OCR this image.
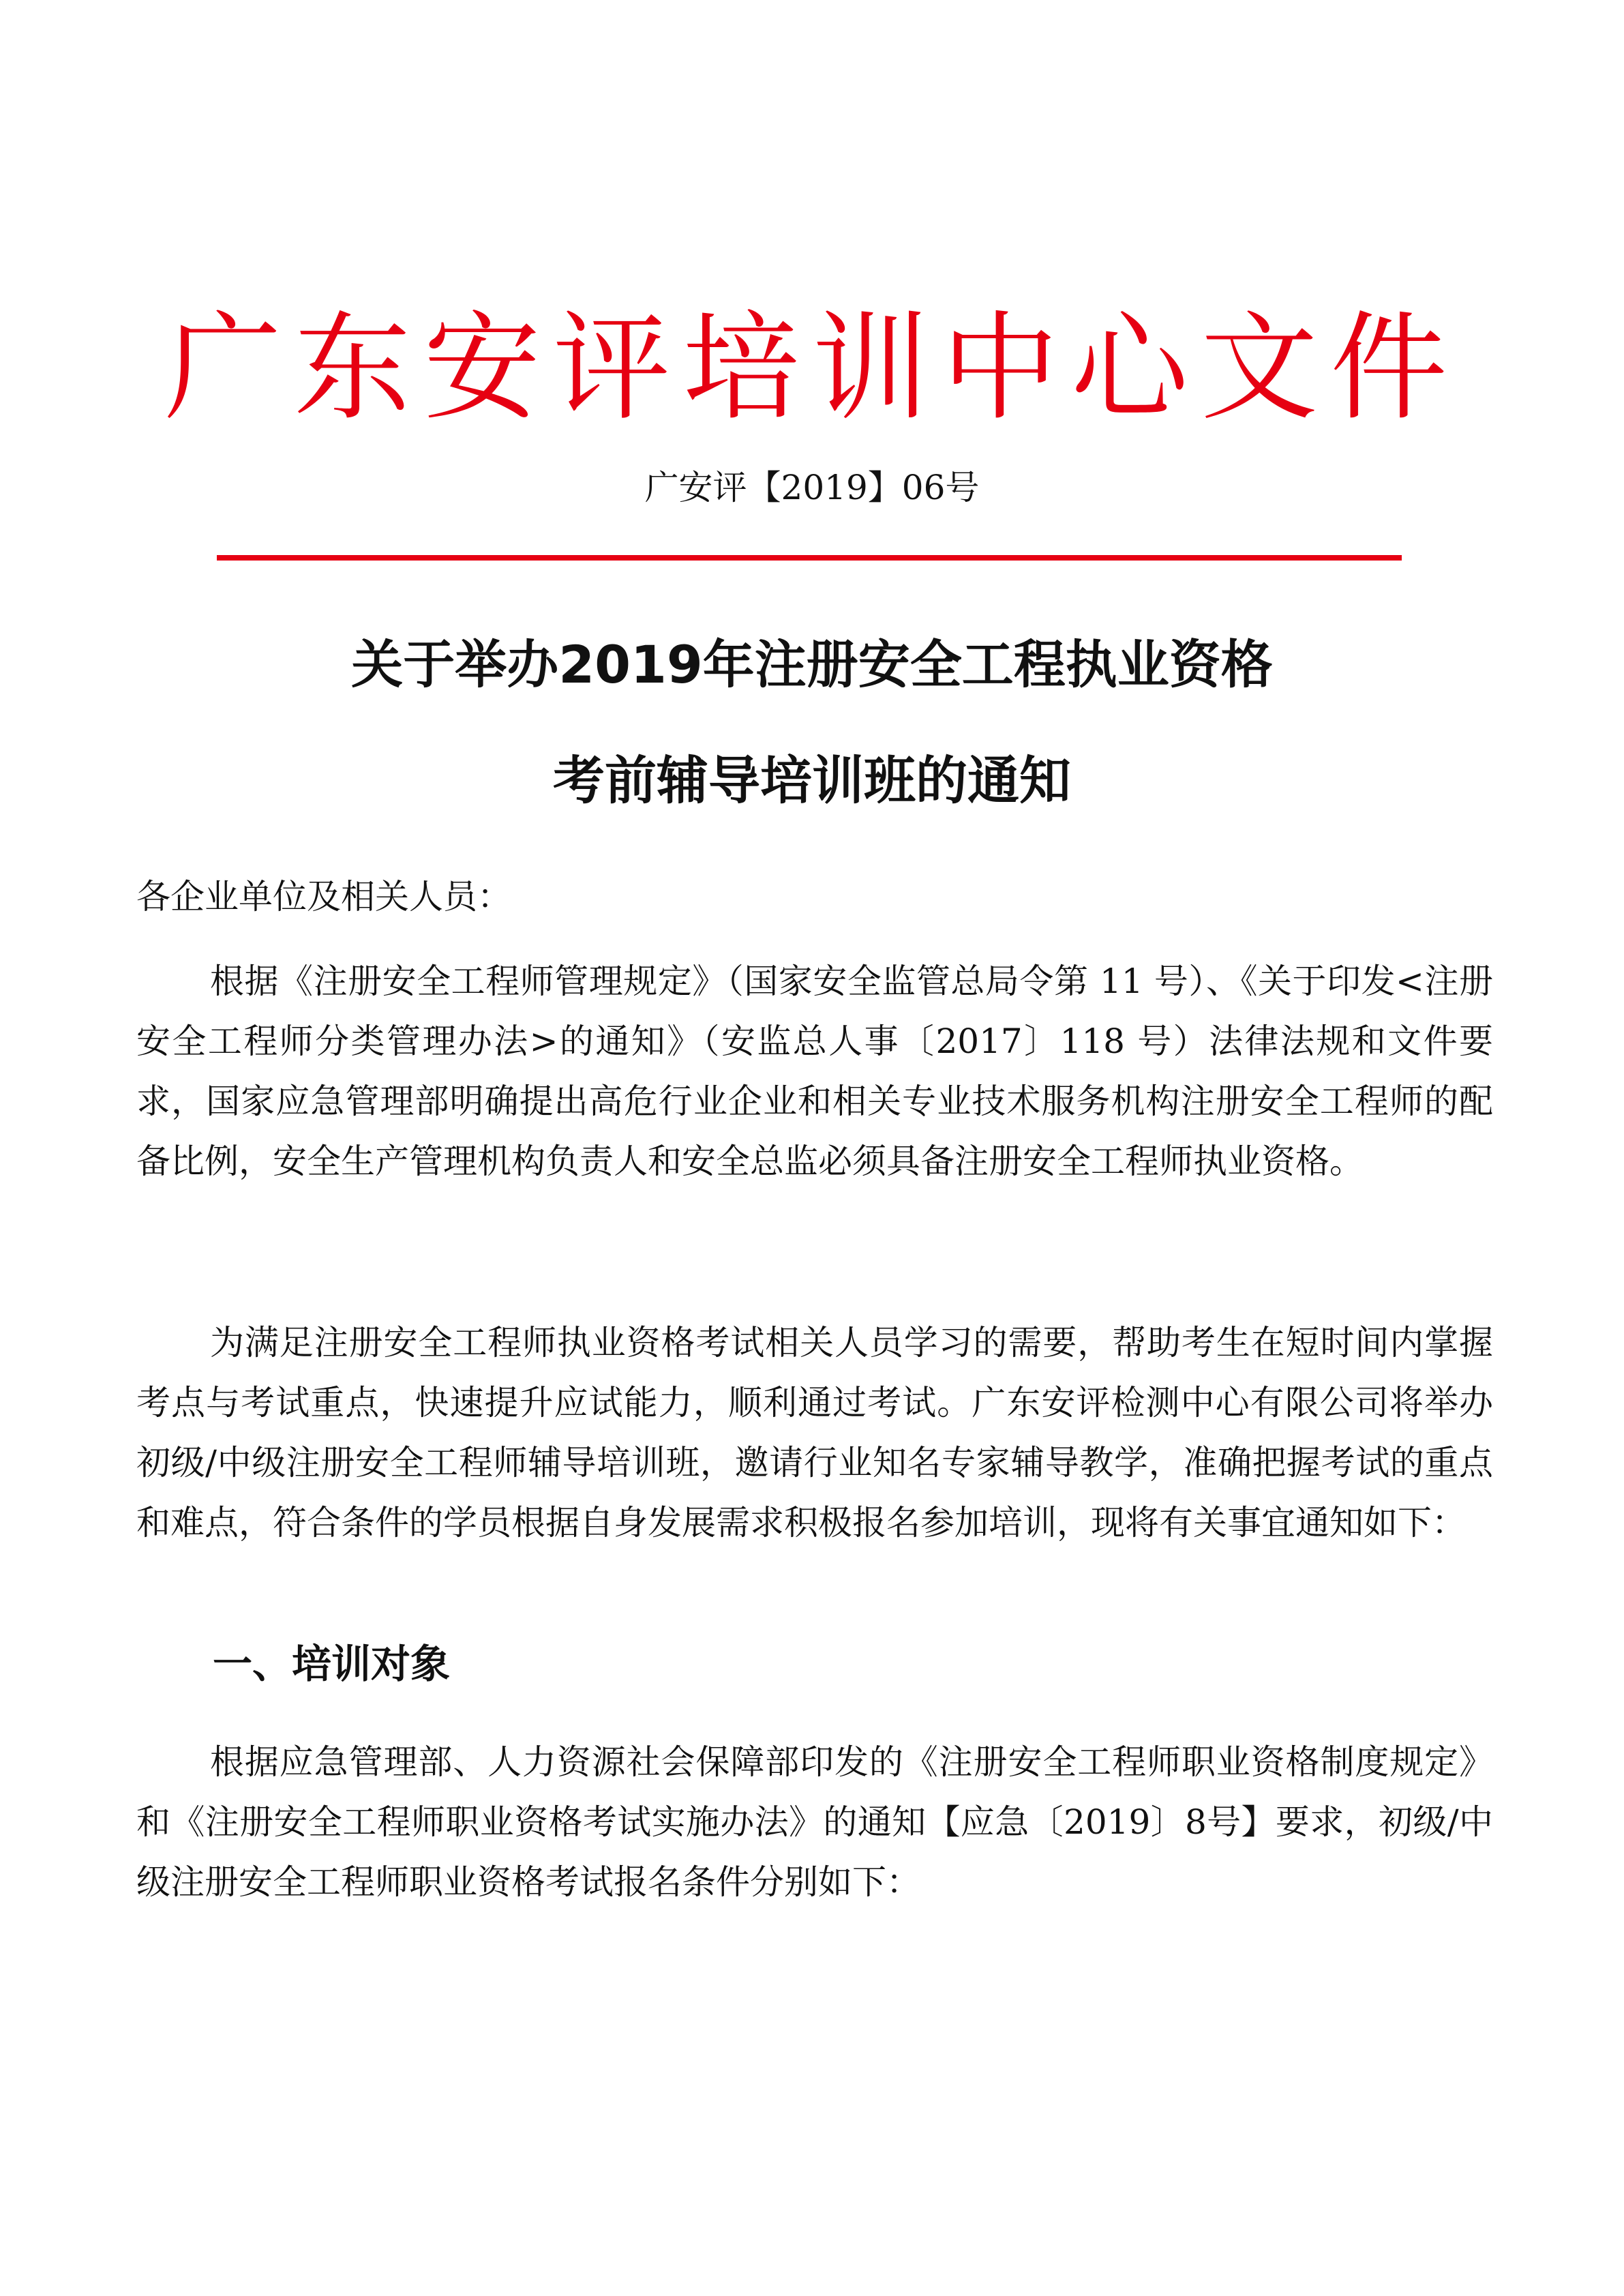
广东安评培训中心文件
广安评【2019】06号
关于举办2019年注册安全工程执业资格
考前辅导培训班的通知
各企业单位及相关人员：
根据《注册安全工程师管理规定》（国家安全监管总局令第 11 号）、《关于印发<注册安全工程师分类管理办法>的通知》（安监总人事〔2017〕118 号）法律法规和文件要求，国家应急管理部明确提出高危行业企业和相关专业技术服务机构注册安全工程师的配备比例，安全生产管理机构负责人和安全总监必须具备注册安全工程师执业资格。
为满足注册安全工程师执业资格考试相关人员学习的需要，帮助考生在短时间内掌握考点与考试重点，快速提升应试能力，顺利通过考试。广东安评检测中心有限公司将举办初级/中级注册安全工程师辅导培训班，邀请行业知名专家辅导教学，准确把握考试的重点和难点，符合条件的学员根据自身发展需求积极报名参加培训，现将有关事宜通知如下：
一、培训对象
根据应急管理部、人力资源社会保障部印发的《注册安全工程师职业资格制度规定》和《注册安全工程师职业资格考试实施办法》的通知【应急〔2019〕8号】要求，初级/中级注册安全工程师职业资格考试报名条件分别如下：
